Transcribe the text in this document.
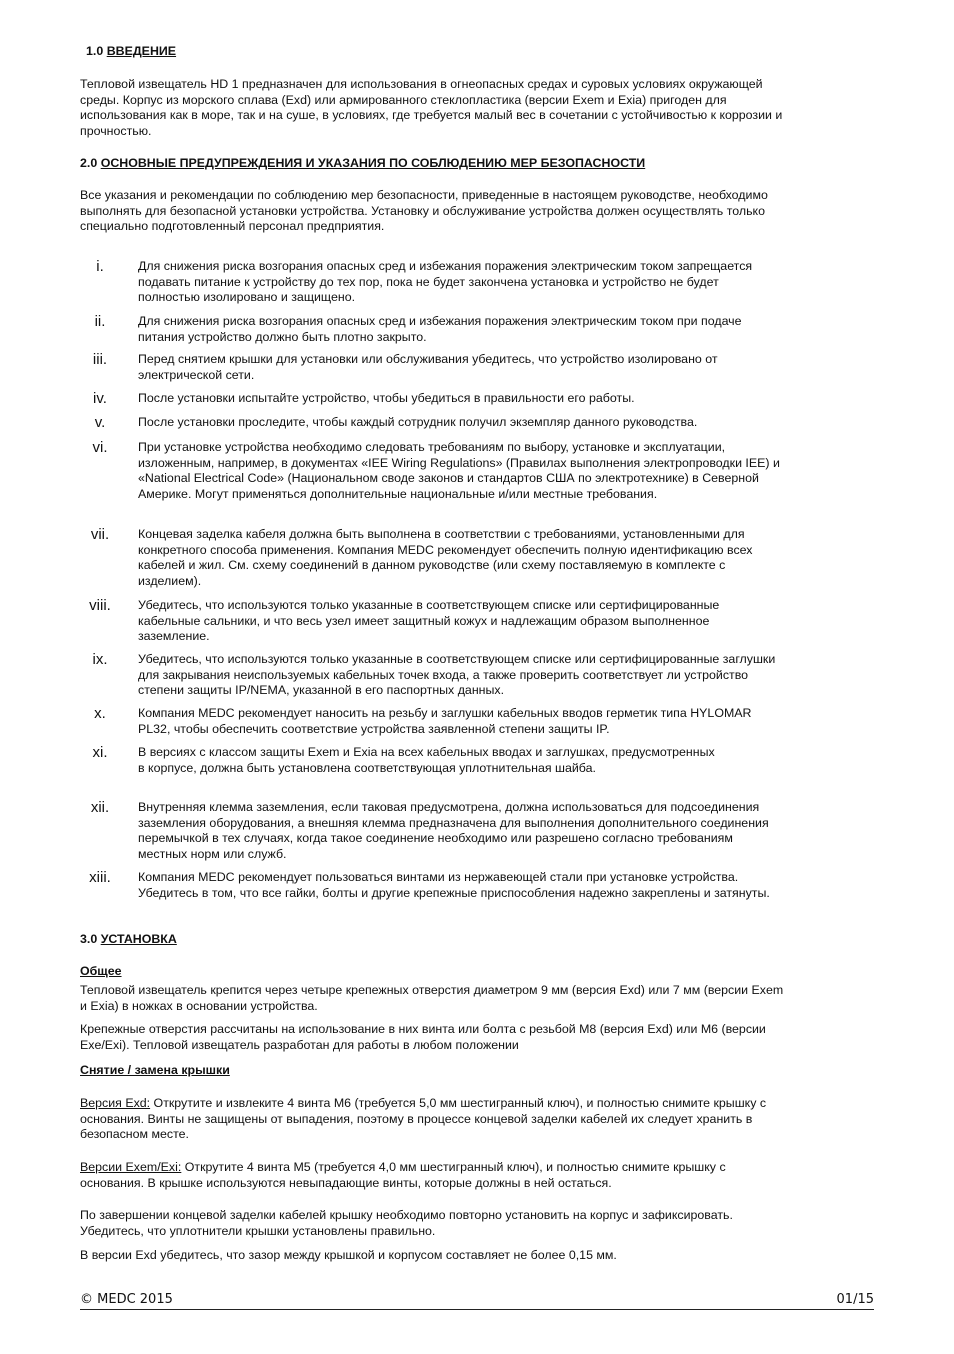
1.0 ВВЕДЕНИЕ
Тепловой извещатель HD 1 предназначен для использования в огнеопасных средах и суровых условиях окружающей среды. Корпус из морского сплава (Exd) или армированного стеклопластика (версии Exem и Exia) пригоден для использования как в море, так и на суше, в условиях, где требуется малый вес в сочетании с устойчивостью к коррозии и прочностью.
2.0 ОСНОВНЫЕ ПРЕДУПРЕЖДЕНИЯ И УКАЗАНИЯ ПО СОБЛЮДЕНИЮ МЕР БЕЗОПАСНОСТИ
Все указания и рекомендации по соблюдению мер безопасности, приведенные в настоящем руководстве, необходимо выполнять для безопасной установки устройства. Установку и обслуживание устройства должен осуществлять только специально подготовленный персонал предприятия.
i.	Для снижения риска возгорания опасных сред и избежания поражения электрическим током запрещается подавать питание к устройству до тех пор, пока не будет закончена установка и устройство не будет полностью изолировано и защищено.
ii.	Для снижения риска возгорания опасных сред и избежания поражения электрическим током при подаче питания устройство должно быть плотно закрыто.
iii.	Перед снятием крышки для установки или обслуживания убедитесь, что устройство изолировано от электрической сети.
iv.	После установки испытайте устройство, чтобы убедиться в правильности его работы.
v.	После установки проследите, чтобы каждый сотрудник получил экземпляр данного руководства.
vi.	При установке устройства необходимо следовать требованиям по выбору, установке и эксплуатации, изложенным, например, в документах «IEE Wiring Regulations» (Правилах выполнения электропроводки IEE) и «National Electrical Code» (Национальном своде законов и стандартов США по электротехнике) в Северной Америке. Могут применяться дополнительные национальные и/или местные требования.
vii.	Концевая заделка кабеля должна быть выполнена в соответствии с требованиями, установленными для конкретного способа применения. Компания MEDC рекомендует обеспечить полную идентификацию всех кабелей и жил. См. схему соединений в данном руководстве (или схему поставляемую в комплекте с изделием).
viii.	Убедитесь, что используются только указанные в соответствующем списке или сертифицированные кабельные сальники, и что весь узел имеет защитный кожух и надлежащим образом выполненное заземление.
ix.	Убедитесь, что используются только указанные в соответствующем списке или сертифицированные заглушки для закрывания неиспользуемых кабельных точек входа, а также проверить соответствует ли устройство степени защиты IP/NEMA, указанной в его паспортных данных.
x.	Компания MEDC рекомендует наносить на резьбу и заглушки кабельных вводов герметик типа HYLOMAR PL32, чтобы обеспечить соответствие устройства заявленной степени защиты IP.
xi.	В версиях с классом защиты Exem и Exia на всех кабельных вводах и заглушках, предусмотренных в корпусе, должна быть установлена соответствующая уплотнительная шайба.
xii.	Внутренняя клемма заземления, если таковая предусмотрена, должна использоваться для подсоединения заземления оборудования, а внешняя клемма предназначена для выполнения дополнительного соединения перемычкой в тех случаях, когда такое соединение необходимо или разрешено согласно требованиям местных норм или служб.
xiii.	Компания MEDC рекомендует пользоваться винтами из нержавеющей стали при установке устройства. Убедитесь в том, что все гайки, болты и другие крепежные приспособления надежно закреплены и затянуты.
3.0 УСТАНОВКА
Общее
Тепловой извещатель крепится через четыре крепежных отверстия диаметром 9 мм (версия Exd) или 7 мм (версии Exem и Exia) в ножках в основании устройства.
Крепежные отверстия рассчитаны на использование в них винта или болта с резьбой M8 (версия Exd) или M6 (версии Exe/Exi). Тепловой извещатель разработан для работы в любом положении
Снятие / замена крышки
Версия Exd: Открутите и извлеките 4 винта M6 (требуется 5,0 мм шестигранный ключ), и полностью снимите крышку с основания. Винты не защищены от выпадения, поэтому в процессе концевой заделки кабелей их следует хранить в безопасном месте.
Версии Exem/Exi: Открутите 4 винта M5 (требуется 4,0 мм шестигранный ключ), и полностью снимите крышку с основания. В крышке используются невыпадающие винты, которые должны в ней остаться.
По завершении концевой заделки кабелей крышку необходимо повторно установить на корпус и зафиксировать. Убедитесь, что уплотнители крышки установлены правильно.
В версии Exd убедитесь, что зазор между крышкой и корпусом составляет не более 0,15 мм.
© MEDC 2015	01/15
